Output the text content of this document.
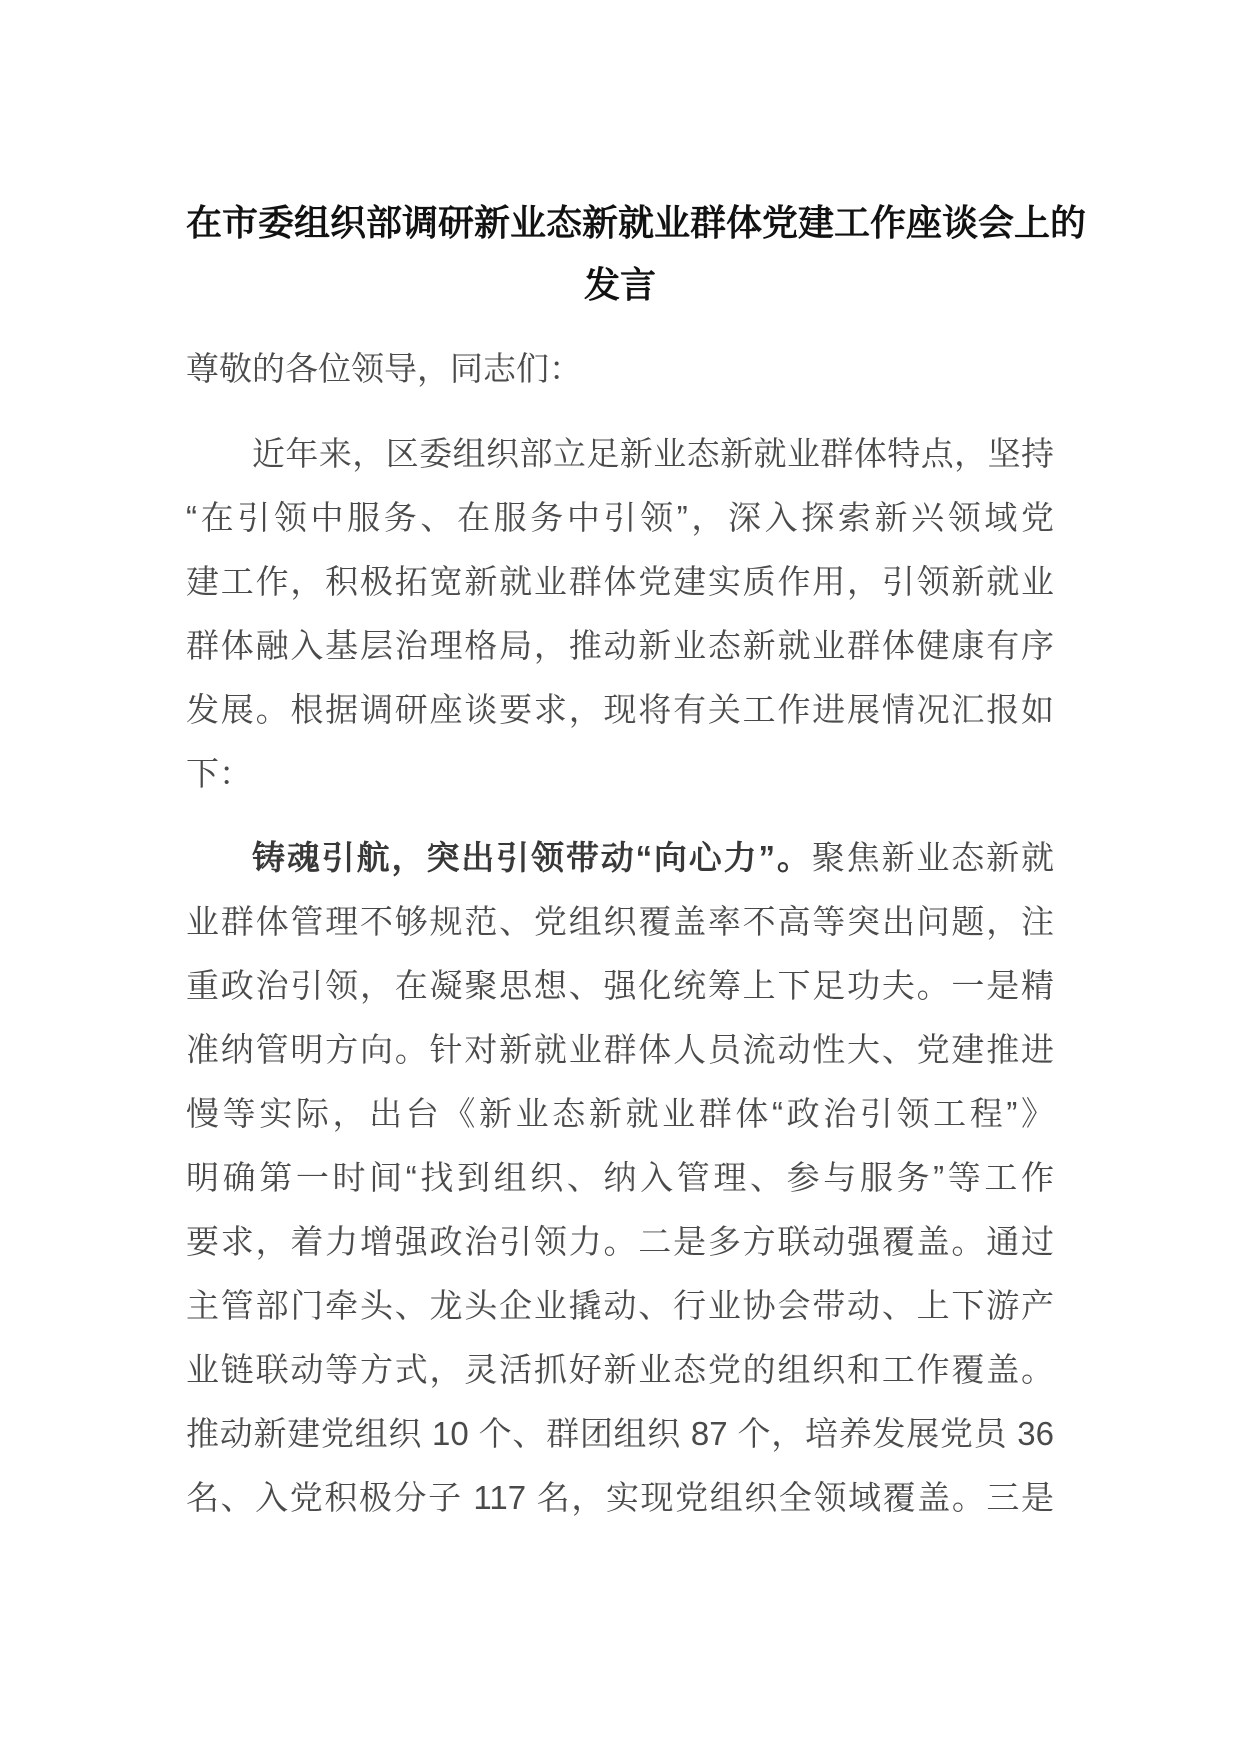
在市委组织部调研新业态新就业群体党建工作座谈会上的
发言
尊敬的各位领导，同志们：
近年来，区委组织部立足新业态新就业群体特点，坚持
“在引领中服务、在服务中引领”，深入探索新兴领域党
建工作，积极拓宽新就业群体党建实质作用，引领新就业
群体融入基层治理格局，推动新业态新就业群体健康有序
发展。根据调研座谈要求，现将有关工作进展情况汇报如
下：
铸魂引航，突出引领带动“向心力”。聚焦新业态新就
业群体管理不够规范、党组织覆盖率不高等突出问题，注
重政治引领，在凝聚思想、强化统筹上下足功夫。一是精
准纳管明方向。针对新就业群体人员流动性大、党建推进
慢等实际，出台《新业态新就业群体“政治引领工程”》
明确第一时间“找到组织、纳入管理、参与服务”等工作
要求，着力增强政治引领力。二是多方联动强覆盖。通过
主管部门牵头、龙头企业撬动、行业协会带动、上下游产
业链联动等方式，灵活抓好新业态党的组织和工作覆盖。
推动新建党组织 10 个、群团组织 87 个，培养发展党员 36
名、入党积极分子 117 名，实现党组织全领域覆盖。三是
